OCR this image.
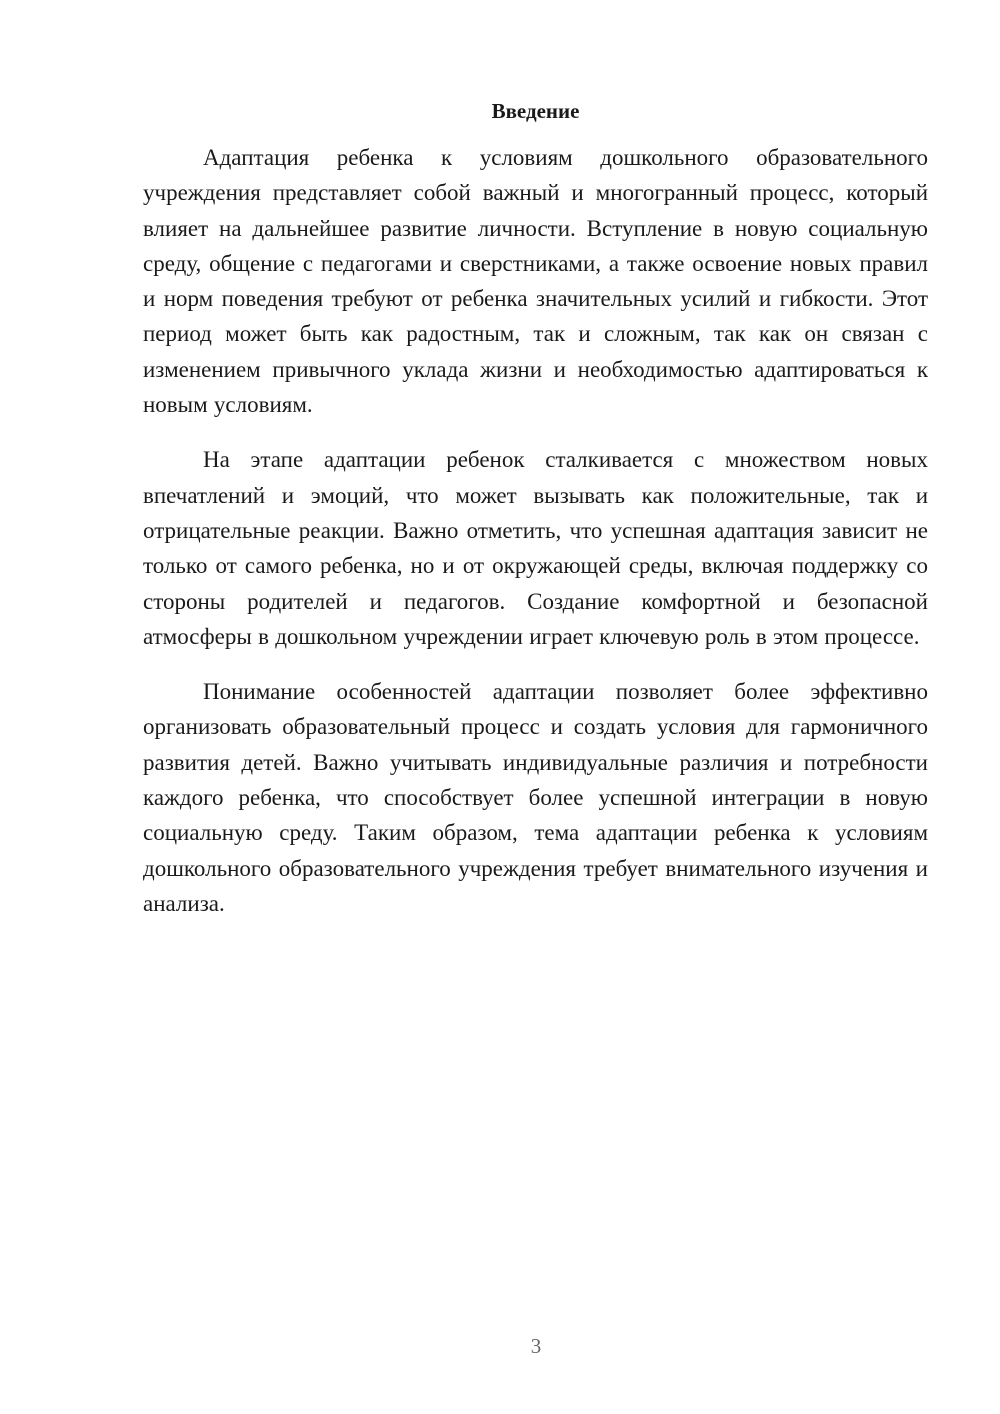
Введение

Адаптация ребенка к условиям дошкольного образовательного учреждения представляет собой важный и многогранный процесс, который влияет на дальнейшее развитие личности. Вступление в новую социальную среду, общение с педагогами и сверстниками, а также освоение новых правил и норм поведения требуют от ребенка значительных усилий и гибкости. Этот период может быть как радостным, так и сложным, так как он связан с изменением привычного уклада жизни и необходимостью адаптироваться к новым условиям.

На этапе адаптации ребенок сталкивается с множеством новых впечатлений и эмоций, что может вызывать как положительные, так и отрицательные реакции. Важно отметить, что успешная адаптация зависит не только от самого ребенка, но и от окружающей среды, включая поддержку со стороны родителей и педагогов. Создание комфортной и безопасной атмосферы в дошкольном учреждении играет ключевую роль в этом процессе.

Понимание особенностей адаптации позволяет более эффективно организовать образовательный процесс и создать условия для гармоничного развития детей. Важно учитывать индивидуальные различия и потребности каждого ребенка, что способствует более успешной интеграции в новую социальную среду. Таким образом, тема адаптации ребенка к условиям дошкольного образовательного учреждения требует внимательного изучения и анализа.

3
